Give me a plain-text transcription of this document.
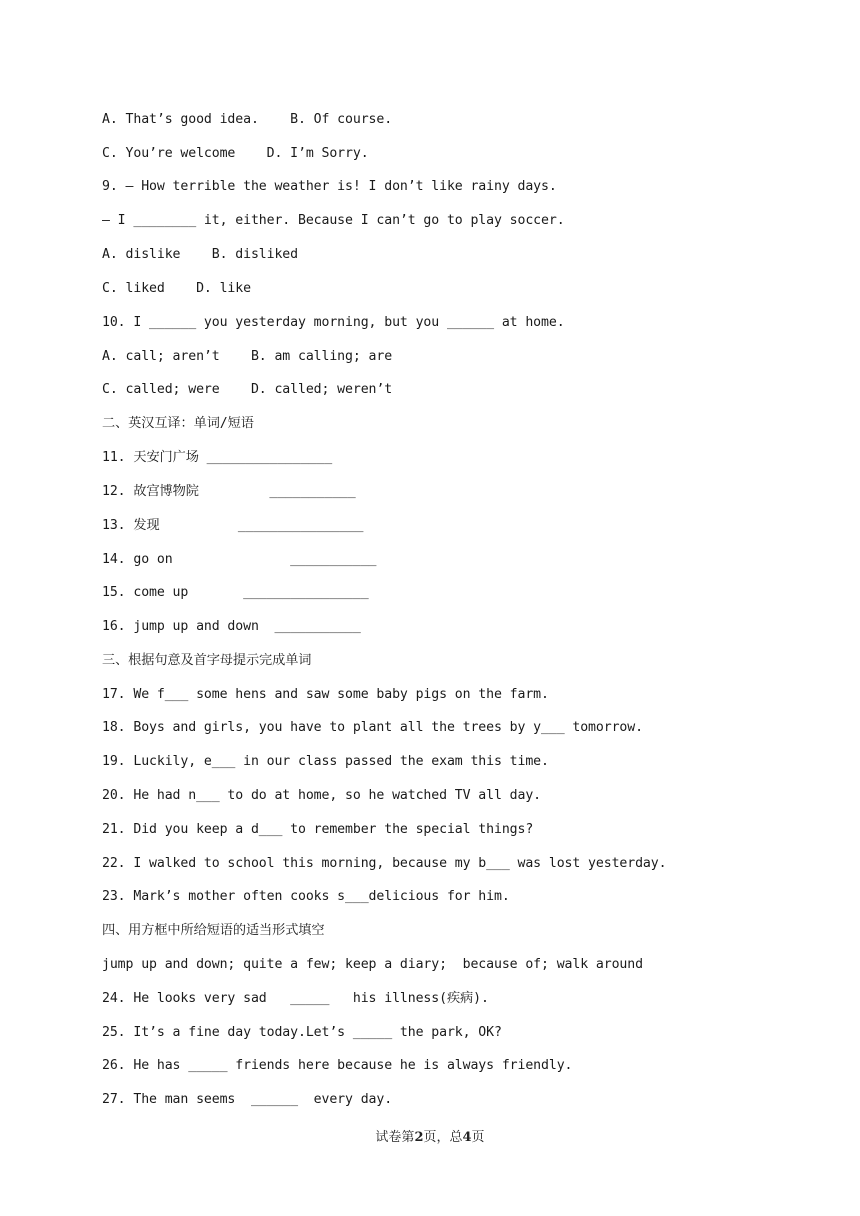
A. That’s good idea.    B. Of course.
C. You’re welcome    D. I’m Sorry.
9. — How terrible the weather is! I don’t like rainy days.
— I ________ it, either. Because I can’t go to play soccer.
A. dislike    B. disliked
C. liked    D. like
10. I ______ you yesterday morning, but you ______ at home.
A. call; aren’t    B. am calling; are
C. called; were    D. called; weren’t
二、英汉互译：单词/短语
11. 天安门广场 ________________
12. 故宫博物院         ___________
13. 发现          ________________
14. go on               ___________
15. come up       ________________
16. jump up and down  ___________
三、根据句意及首字母提示完成单词
17. We f___ some hens and saw some baby pigs on the farm.
18. Boys and girls, you have to plant all the trees by y___ tomorrow.
19. Luckily, e___ in our class passed the exam this time.
20. He had n___ to do at home, so he watched TV all day.
21. Did you keep a d___ to remember the special things?
22. I walked to school this morning, because my b___ was lost yesterday.
23. Mark’s mother often cooks s___delicious for him.
四、用方框中所给短语的适当形式填空
jump up and down; quite a few; keep a diary;  because of; walk around
24. He looks very sad   _____   his illness(疾病).
25. It’s a fine day today.Let’s _____ the park, OK?
26. He has _____ friends here because he is always friendly.
27. The man seems  ______  every day.
试卷第2页，总4页
